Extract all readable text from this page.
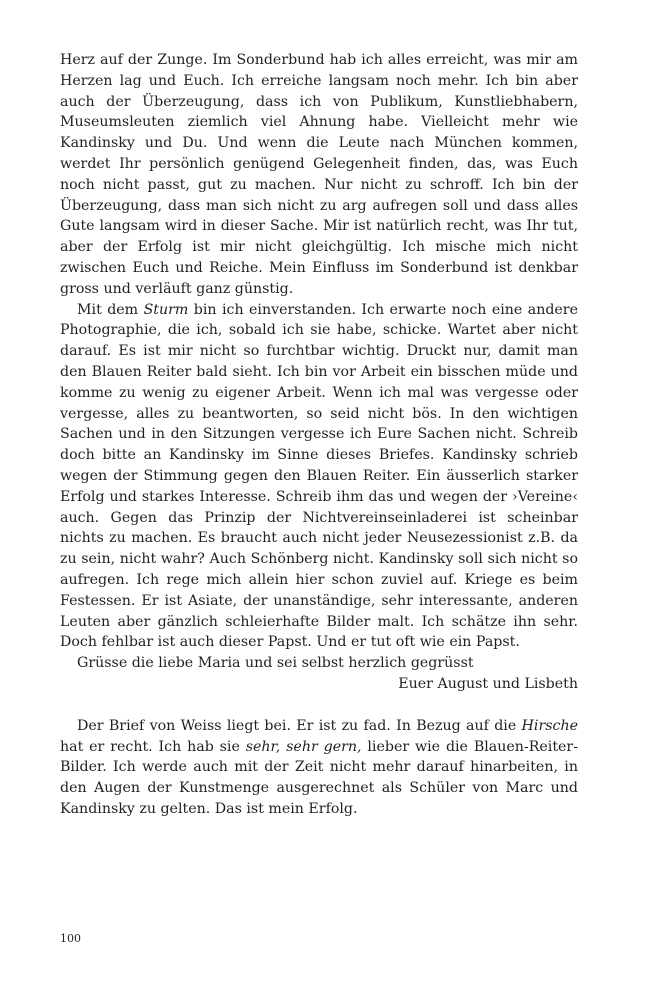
Herz auf der Zunge. Im Sonderbund hab ich alles erreicht, was mir am Herzen lag und Euch. Ich erreiche langsam noch mehr. Ich bin aber auch der Überzeugung, dass ich von Publikum, Kunstliebhabern, Museumsleuten ziemlich viel Ahnung habe. Vielleicht mehr wie Kandinsky und Du. Und wenn die Leute nach München kommen, werdet Ihr persönlich genügend Gelegenheit finden, das, was Euch noch nicht passt, gut zu machen. Nur nicht zu schroff. Ich bin der Überzeugung, dass man sich nicht zu arg aufregen soll und dass alles Gute langsam wird in dieser Sache. Mir ist natürlich recht, was Ihr tut, aber der Erfolg ist mir nicht gleichgültig. Ich mische mich nicht zwischen Euch und Reiche. Mein Einfluss im Sonderbund ist denkbar gross und verläuft ganz günstig.

Mit dem Sturm bin ich einverstanden. Ich erwarte noch eine andere Photographie, die ich, sobald ich sie habe, schicke. Wartet aber nicht darauf. Es ist mir nicht so furchtbar wichtig. Druckt nur, damit man den Blauen Reiter bald sieht. Ich bin vor Arbeit ein bisschen müde und komme zu wenig zu eigener Arbeit. Wenn ich mal was vergesse oder vergesse, alles zu beantworten, so seid nicht bös. In den wichtigen Sachen und in den Sitzungen vergesse ich Eure Sachen nicht. Schreib doch bitte an Kandinsky im Sinne dieses Briefes. Kandinsky schrieb wegen der Stimmung gegen den Blauen Reiter. Ein äusserlich starker Erfolg und starkes Interesse. Schreib ihm das und wegen der ›Vereine‹ auch. Gegen das Prinzip der Nichtvereinseinladerei ist scheinbar nichts zu machen. Es braucht auch nicht jeder Neusezessionist z.B. da zu sein, nicht wahr? Auch Schönberg nicht. Kandinsky soll sich nicht so aufregen. Ich rege mich allein hier schon zuviel auf. Kriege es beim Festessen. Er ist Asiate, der unanständige, sehr interessante, anderen Leuten aber gänzlich schleierhafte Bilder malt. Ich schätze ihn sehr. Doch fehlbar ist auch dieser Papst. Und er tut oft wie ein Papst.

Grüsse die liebe Maria und sei selbst herzlich gegrüsst

Euer August und Lisbeth

Der Brief von Weiss liegt bei. Er ist zu fad. In Bezug auf die Hirsche hat er recht. Ich hab sie sehr, sehr gern, lieber wie die Blauen-Reiter-Bilder. Ich werde auch mit der Zeit nicht mehr darauf hinarbeiten, in den Augen der Kunstmenge ausgerechnet als Schüler von Marc und Kandinsky zu gelten. Das ist mein Erfolg.

100
